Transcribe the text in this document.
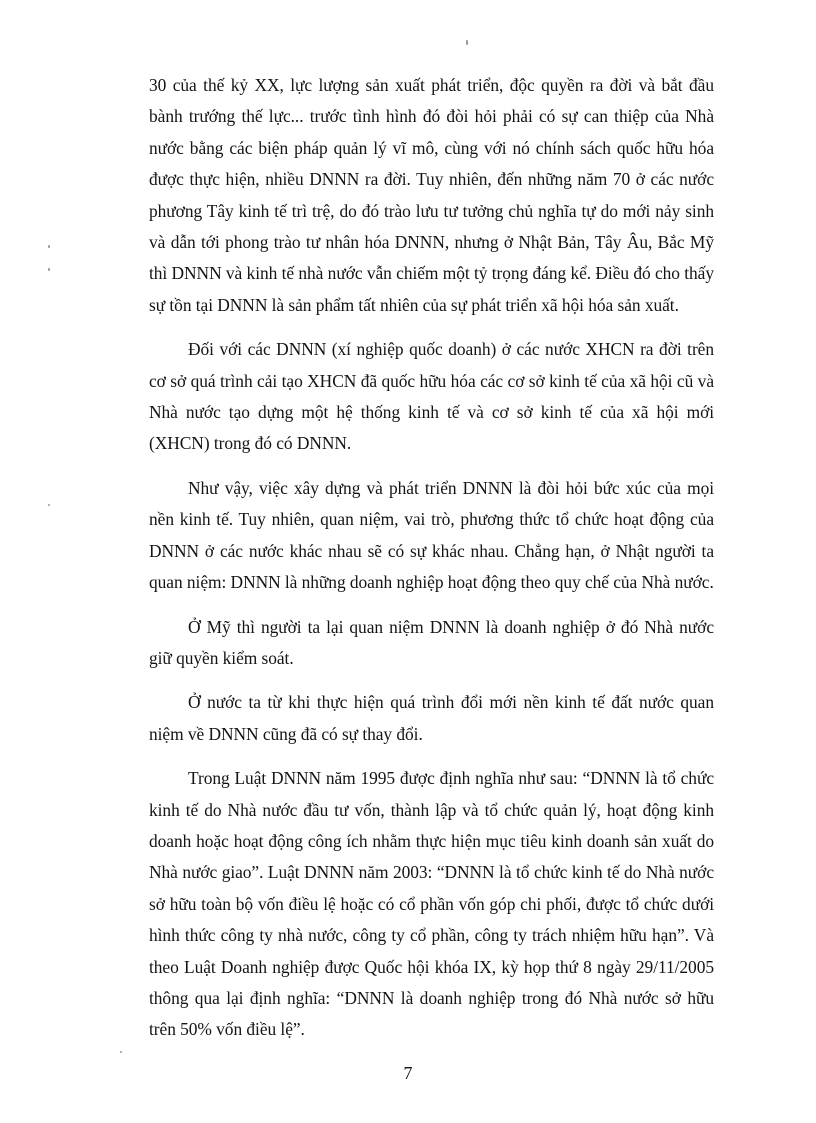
30 của thế kỷ XX, lực lượng sản xuất phát triển, độc quyền ra đời và bắt đầu bành trướng thế lực... trước tình hình đó đòi hỏi phải có sự can thiệp của Nhà nước bằng các biện pháp quản lý vĩ mô, cùng với nó chính sách quốc hữu hóa được thực hiện, nhiều DNNN ra đời. Tuy nhiên, đến những năm 70 ở các nước phương Tây kinh tế trì trệ, do đó trào lưu tư tưởng chủ nghĩa tự do mới nảy sinh và dẫn tới phong trào tư nhân hóa DNNN, nhưng ở Nhật Bản, Tây Âu, Bắc Mỹ thì DNNN và kinh tế nhà nước vẫn chiếm một tỷ trọng đáng kể. Điều đó cho thấy sự tồn tại DNNN là sản phẩm tất nhiên của sự phát triển xã hội hóa sản xuất.

Đối với các DNNN (xí nghiệp quốc doanh) ở các nước XHCN ra đời trên cơ sở quá trình cải tạo XHCN đã quốc hữu hóa các cơ sở kinh tế của xã hội cũ và Nhà nước tạo dựng một hệ thống kinh tế và cơ sở kinh tế của xã hội mới (XHCN) trong đó có DNNN.

Như vậy, việc xây dựng và phát triển DNNN là đòi hỏi bức xúc của mọi nền kinh tế. Tuy nhiên, quan niệm, vai trò, phương thức tổ chức hoạt động của DNNN ở các nước khác nhau sẽ có sự khác nhau. Chẳng hạn, ở Nhật người ta quan niệm: DNNN là những doanh nghiệp hoạt động theo quy chế của Nhà nước.

Ở Mỹ thì người ta lại quan niệm DNNN là doanh nghiệp ở đó Nhà nước giữ quyền kiểm soát.

Ở nước ta từ khi thực hiện quá trình đổi mới nền kinh tế đất nước quan niệm về DNNN cũng đã có sự thay đổi.

Trong Luật DNNN năm 1995 được định nghĩa như sau: “DNNN là tổ chức kinh tế do Nhà nước đầu tư vốn, thành lập và tổ chức quản lý, hoạt động kinh doanh hoặc hoạt động công ích nhằm thực hiện mục tiêu kinh doanh sản xuất do Nhà nước giao”. Luật DNNN năm 2003: “DNNN là tổ chức kinh tế do Nhà nước sở hữu toàn bộ vốn điều lệ hoặc có cổ phần vốn góp chi phối, được tổ chức dưới hình thức công ty nhà nước, công ty cổ phần, công ty trách nhiệm hữu hạn”. Và theo Luật Doanh nghiệp được Quốc hội khóa IX, kỳ họp thứ 8 ngày 29/11/2005 thông qua lại định nghĩa: “DNNN là doanh nghiệp trong đó Nhà nước sở hữu trên 50% vốn điều lệ”.

7
